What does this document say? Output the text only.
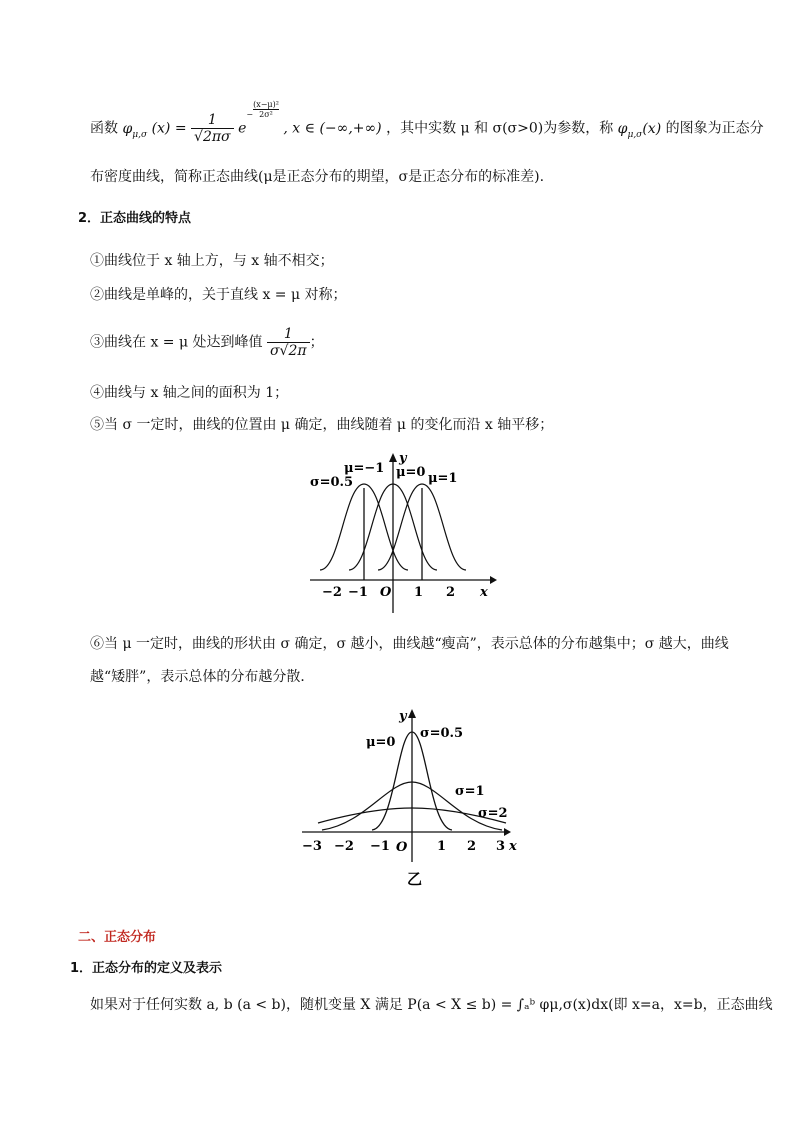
函数 $\varphi_{\mu,\sigma}$ $(x) = \frac{1}{√2\pi\sigma} e- \frac{\text{(x−μ)²}}{\text{2σ²}}$
, x ∈ (−∞,+∞) ，其中实数 μ 和 σ(σ>0)为参数，称 $\varphi_{\mu,\sigma}(x)$ 的图象为正态分
布密度曲线，简称正态曲线(μ是正态分布的期望，σ是正态分布的标准差).
2．正态曲线的特点
①曲线位于 x 轴上方，与 x 轴不相交；
②曲线是单峰的，关于直线 x = μ 对称；
③曲线在 x = μ 处达到峰值 $\frac{1}{\sigma√2\pi}$ ；
④曲线与 x 轴之间的面积为 1；
⑤当 σ 一定时，曲线的位置由 μ 确定，曲线随着 μ 的变化而沿 x 轴平移；
σ=0.5
μ=−1 μ=0 μ=1
y
−2 −1 O 1 2 x
⑥当 μ 一定时，曲线的形状由 σ 确定，σ 越小，曲线越“瘦高”，表示总体的分布越集中；σ 越大，曲线
越“矮胖”，表示总体的分布越分散．
μ=0
σ=0.5
σ=1
σ=2
y
−3 −2 −1 O 1 2 3 x
乙
二、正态分布
1．正态分布的定义及表示
如果对于任何实数 a, b (a < b)，随机变量 X 满足 P(a < X ≤ b) = ∫ₐᵇ φμ,σ(x)dx(即 x=a，x=b，正态曲线
